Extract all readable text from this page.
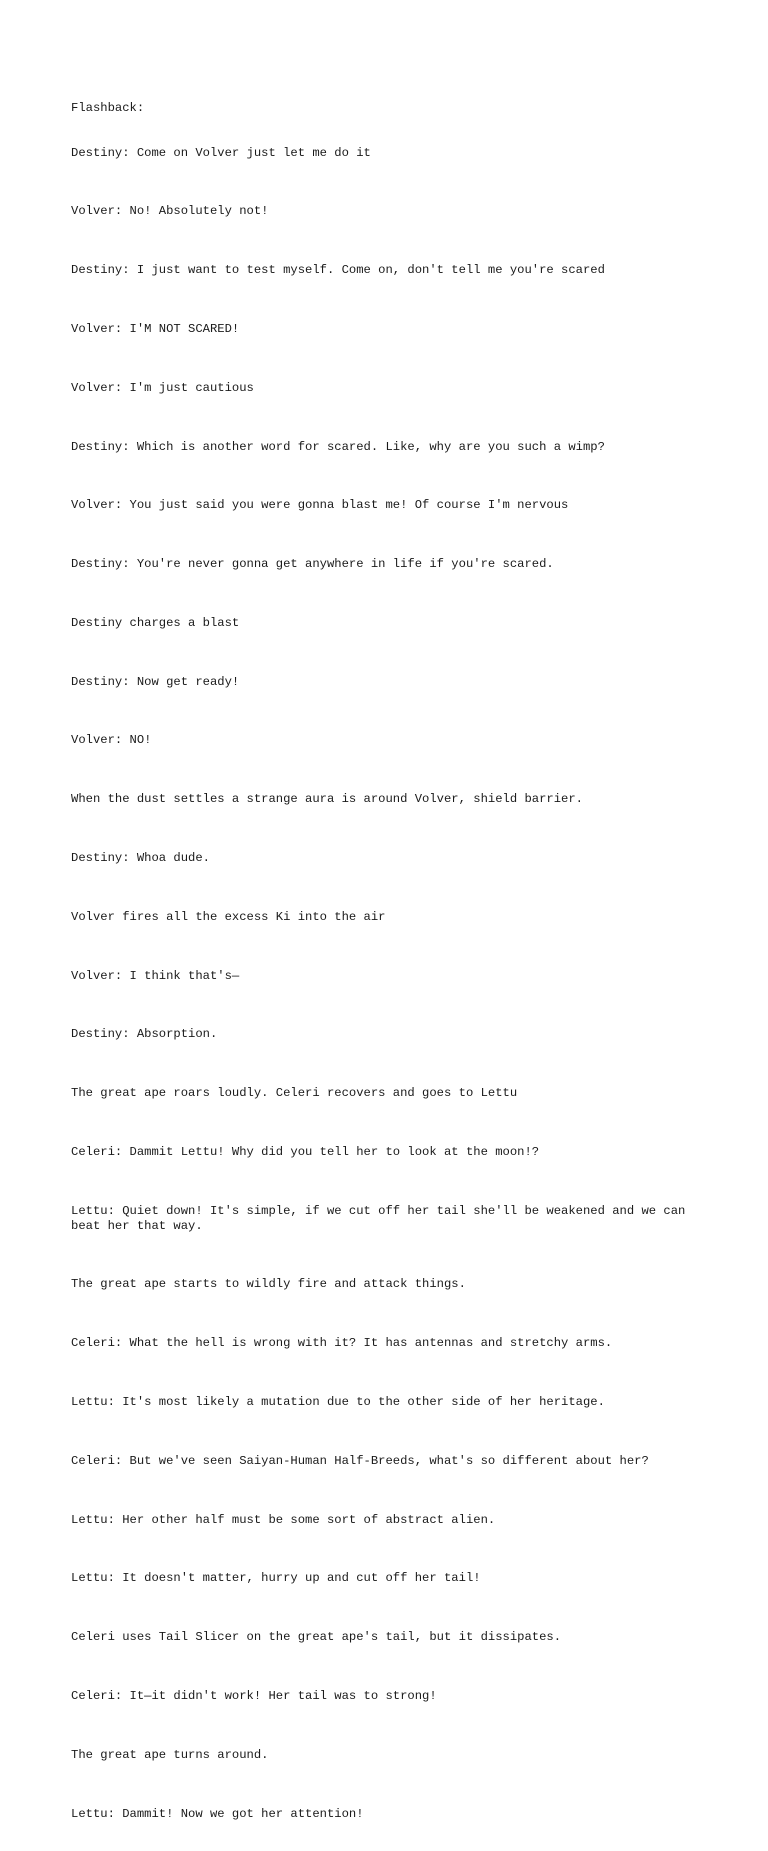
Flashback:

Destiny: Come on Volver just let me do it

Volver: No! Absolutely not!

Destiny: I just want to test myself. Come on, don't tell me you're scared

Volver: I'M NOT SCARED!

Volver: I'm just cautious

Destiny: Which is another word for scared. Like, why are you such a wimp?

Volver: You just said you were gonna blast me! Of course I'm nervous

Destiny: You're never gonna get anywhere in life if you're scared.

Destiny charges a blast

Destiny: Now get ready!

Volver: NO!

When the dust settles a strange aura is around Volver, shield barrier.

Destiny: Whoa dude.

Volver fires all the excess Ki into the air

Volver: I think that's—

Destiny: Absorption.

The great ape roars loudly. Celeri recovers and goes to Lettu

Celeri: Dammit Lettu! Why did you tell her to look at the moon!?

Lettu: Quiet down! It's simple, if we cut off her tail she'll be weakened and we can beat her that way.

The great ape starts to wildly fire and attack things.

Celeri: What the hell is wrong with it? It has antennas and stretchy arms.

Lettu: It's most likely a mutation due to the other side of her heritage.

Celeri: But we've seen Saiyan-Human Half-Breeds, what's so different about her?

Lettu: Her other half must be some sort of abstract alien.

Lettu: It doesn't matter, hurry up and cut off her tail!

Celeri uses Tail Slicer on the great ape's tail, but it dissipates.

Celeri: It—it didn't work! Her tail was to strong!

The great ape turns around.

Lettu: Dammit! Now we got her attention!
